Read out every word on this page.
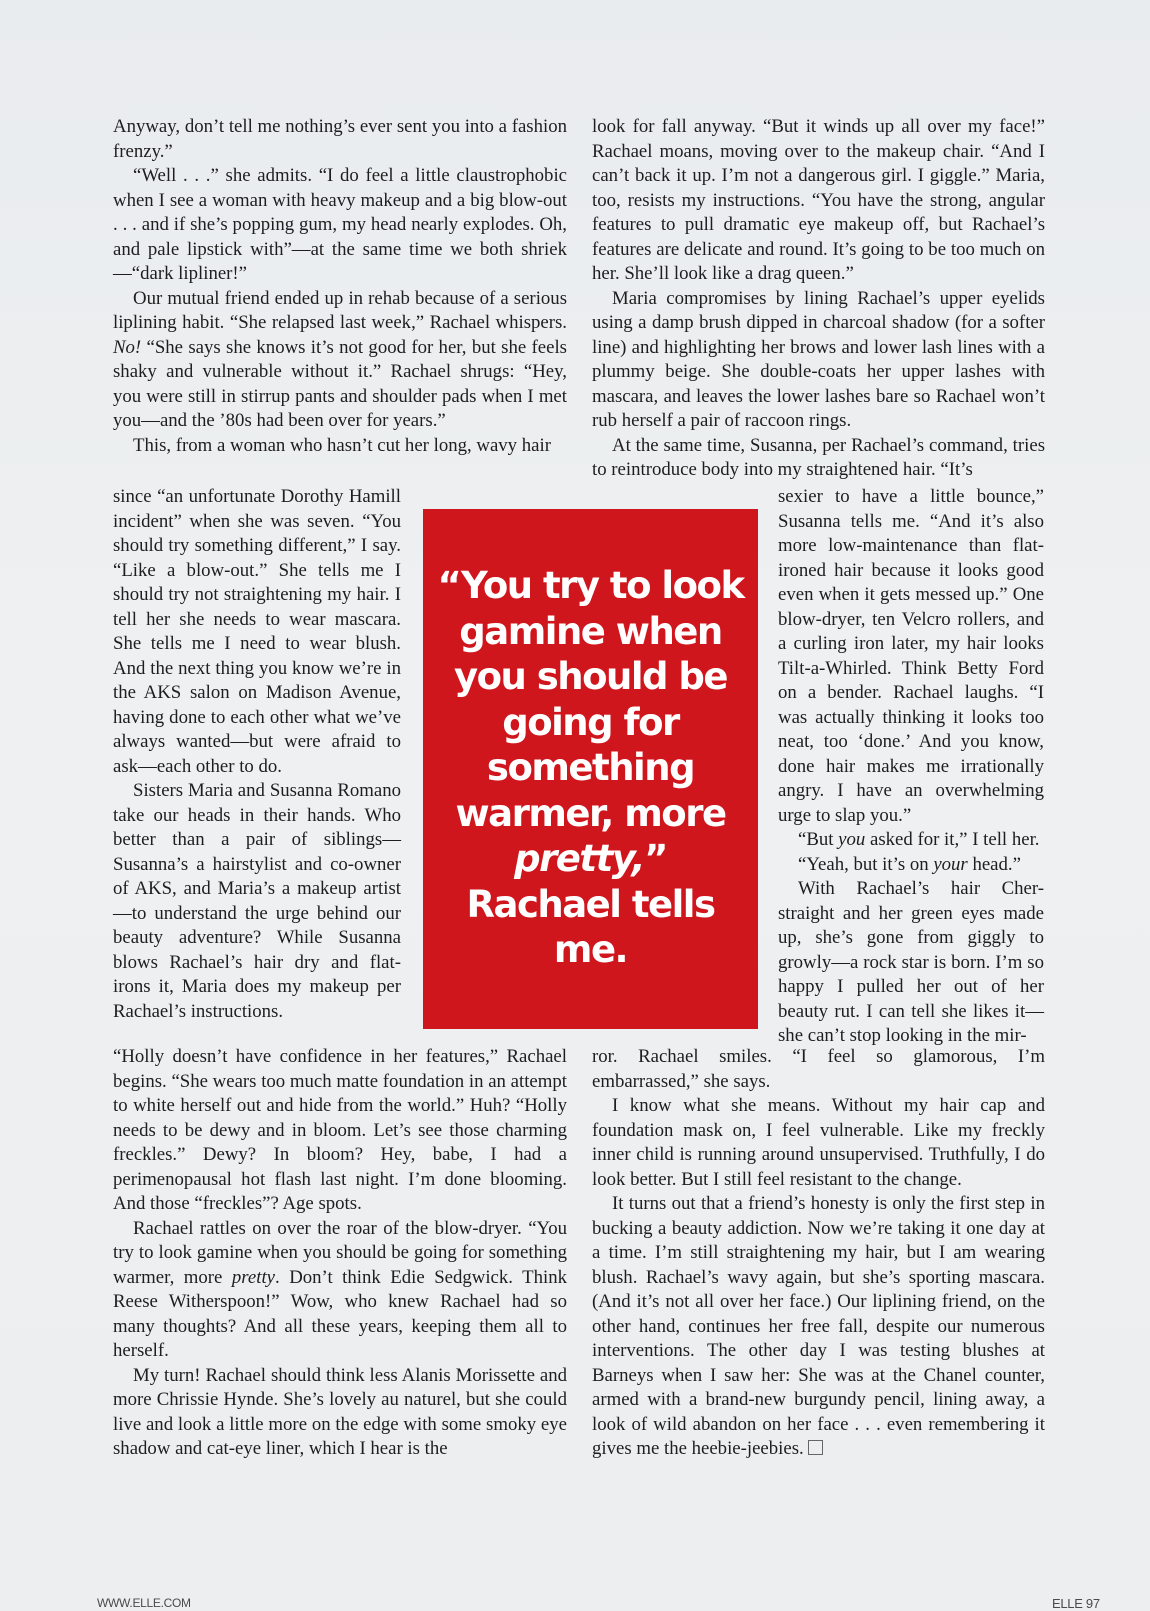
Anyway, don’t tell me nothing’s ever sent you into a fashion frenzy.”
“Well . . .” she admits. “I do feel a little claustrophobic when I see a woman with heavy makeup and a big blow-out . . . and if she’s popping gum, my head nearly explodes. Oh, and pale lipstick with”—at the same time we both shriek—“dark lipliner!”
Our mutual friend ended up in rehab because of a serious liplining habit. “She relapsed last week,” Rachael whispers. No! “She says she knows it’s not good for her, but she feels shaky and vulnerable without it.” Rachael shrugs: “Hey, you were still in stirrup pants and shoulder pads when I met you—and the ’80s had been over for years.”
This, from a woman who hasn’t cut her long, wavy hair
since “an unfortunate Dorothy Hamill incident” when she was seven. “You should try something different,” I say. “Like a blow-out.” She tells me I should try not straightening my hair. I tell her she needs to wear mascara. She tells me I need to wear blush. And the next thing you know we’re in the AKS salon on Madison Avenue, having done to each other what we’ve always wanted—but were afraid to ask—each other to do.
Sisters Maria and Susanna Romano take our heads in their hands. Who better than a pair of siblings—Susanna’s a hairstylist and co-owner of AKS, and Maria’s a makeup artist—to understand the urge behind our beauty adventure? While Susanna blows Rachael’s hair dry and flat-irons it, Maria does my makeup per Rachael’s instructions.
“Holly doesn’t have confidence in her features,” Rachael begins. “She wears too much matte foundation in an attempt to white herself out and hide from the world.” Huh? “Holly needs to be dewy and in bloom. Let’s see those charming freckles.” Dewy? In bloom? Hey, babe, I had a perimenopausal hot flash last night. I’m done blooming. And those “freckles”? Age spots.
Rachael rattles on over the roar of the blow-dryer. “You try to look gamine when you should be going for something warmer, more pretty. Don’t think Edie Sedgwick. Think Reese Witherspoon!” Wow, who knew Rachael had so many thoughts? And all these years, keeping them all to herself.
My turn! Rachael should think less Alanis Morissette and more Chrissie Hynde. She’s lovely au naturel, but she could live and look a little more on the edge with some smoky eye shadow and cat-eye liner, which I hear is the
“You try to look gamine when you should be going for something warmer, more pretty,” Rachael tells me.
look for fall anyway. “But it winds up all over my face!” Rachael moans, moving over to the makeup chair. “And I can’t back it up. I’m not a dangerous girl. I giggle.” Maria, too, resists my instructions. “You have the strong, angular features to pull dramatic eye makeup off, but Rachael’s features are delicate and round. It’s going to be too much on her. She’ll look like a drag queen.”
Maria compromises by lining Rachael’s upper eyelids using a damp brush dipped in charcoal shadow (for a softer line) and highlighting her brows and lower lash lines with a plummy beige. She double-coats her upper lashes with mascara, and leaves the lower lashes bare so Rachael won’t rub herself a pair of raccoon rings.
At the same time, Susanna, per Rachael’s command, tries to reintroduce body into my straightened hair. “It’s
sexier to have a little bounce,” Susanna tells me. “And it’s also more low-maintenance than flat-ironed hair because it looks good even when it gets messed up.” One blow-dryer, ten Velcro rollers, and a curling iron later, my hair looks Tilt-a-Whirled. Think Betty Ford on a bender. Rachael laughs. “I was actually thinking it looks too neat, too ‘done.’ And you know, done hair makes me irrationally angry. I have an overwhelming urge to slap you.”
“But you asked for it,” I tell her.
“Yeah, but it’s on your head.”
With Rachael’s hair Cher-straight and her green eyes made up, she’s gone from giggly to growly—a rock star is born. I’m so happy I pulled her out of her beauty rut. I can tell she likes it—she can’t stop looking in the mir-
ror. Rachael smiles. “I feel so glamorous, I’m embarrassed,” she says.
I know what she means. Without my hair cap and foundation mask on, I feel vulnerable. Like my freckly inner child is running around unsupervised. Truthfully, I do look better. But I still feel resistant to the change.
It turns out that a friend’s honesty is only the first step in bucking a beauty addiction. Now we’re taking it one day at a time. I’m still straightening my hair, but I am wearing blush. Rachael’s wavy again, but she’s sporting mascara. (And it’s not all over her face.) Our liplining friend, on the other hand, continues her free fall, despite our numerous interventions. The other day I was testing blushes at Barneys when I saw her: She was at the Chanel counter, armed with a brand-new burgundy pencil, lining away, a look of wild abandon on her face . . . even remembering it gives me the heebie-jeebies.
WWW.ELLE.COM	ELLE 97
